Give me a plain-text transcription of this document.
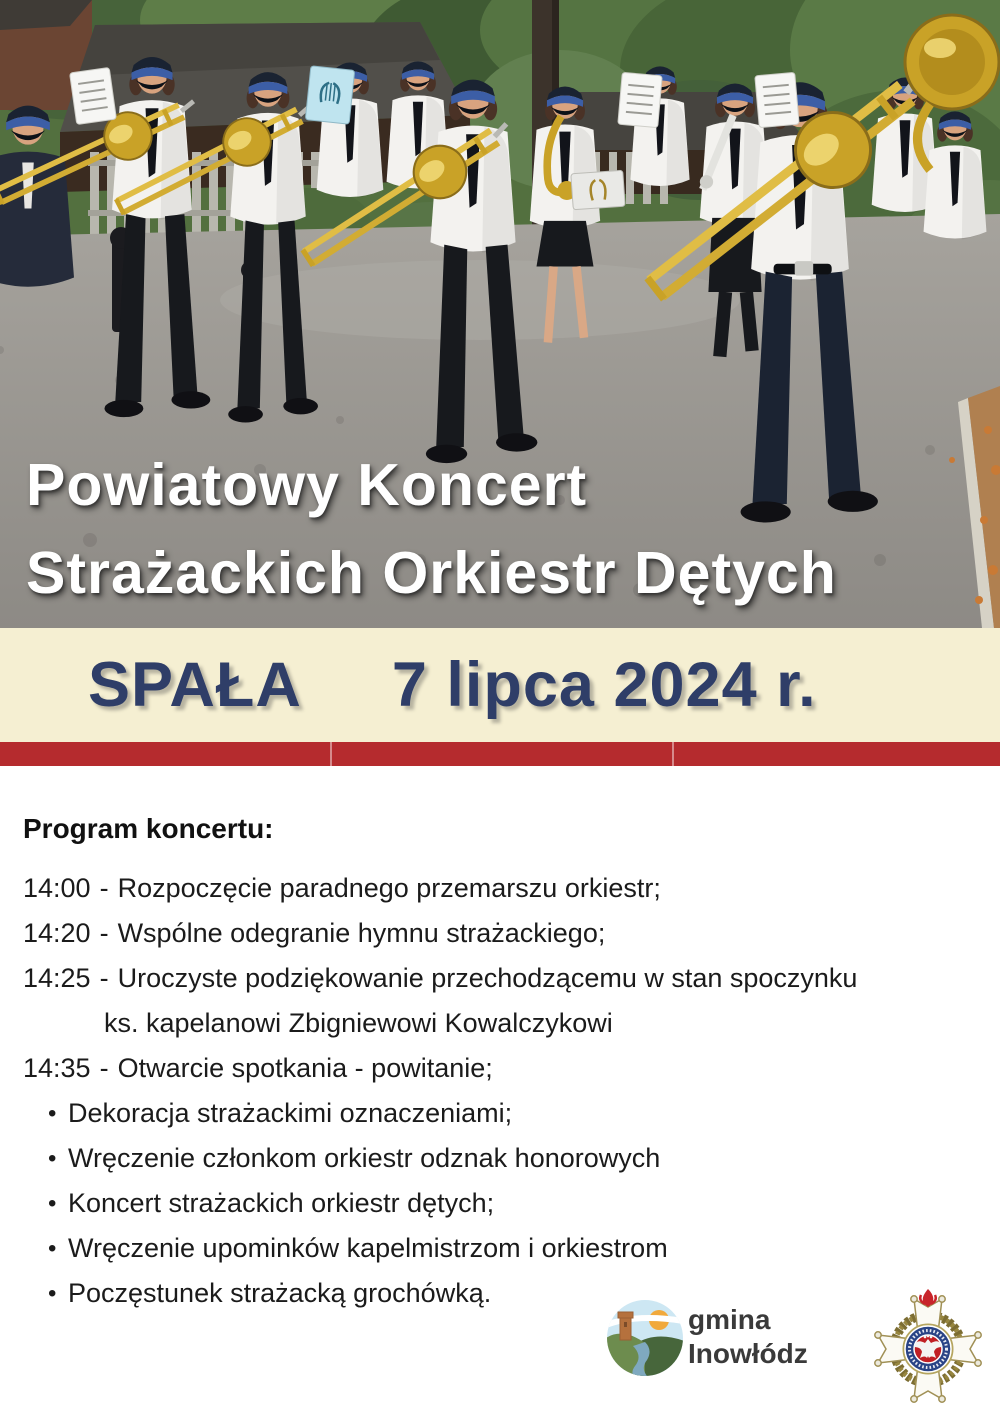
Powiatowy Koncert
Strażackich Orkiestr Dętych
SPAŁA 7 lipca 2024 r.
Program koncertu:
14:00 - Rozpoczęcie paradnego przemarszu orkiestr;
14:20 - Wspólne odegranie hymnu strażackiego;
14:25 - Uroczyste podziękowanie przechodzącemu w stan spoczynku
ks. kapelanowi Zbigniewowi Kowalczykowi
14:35 - Otwarcie spotkania - powitanie;
• Dekoracja strażackimi oznaczeniami;
• Wręczenie członkom orkiestr odznak honorowych
• Koncert strażackich orkiestr dętych;
• Wręczenie upominków kapelmistrzom i orkiestrom
• Poczęstunek strażacką grochówką.
gmina
Inowłódz
